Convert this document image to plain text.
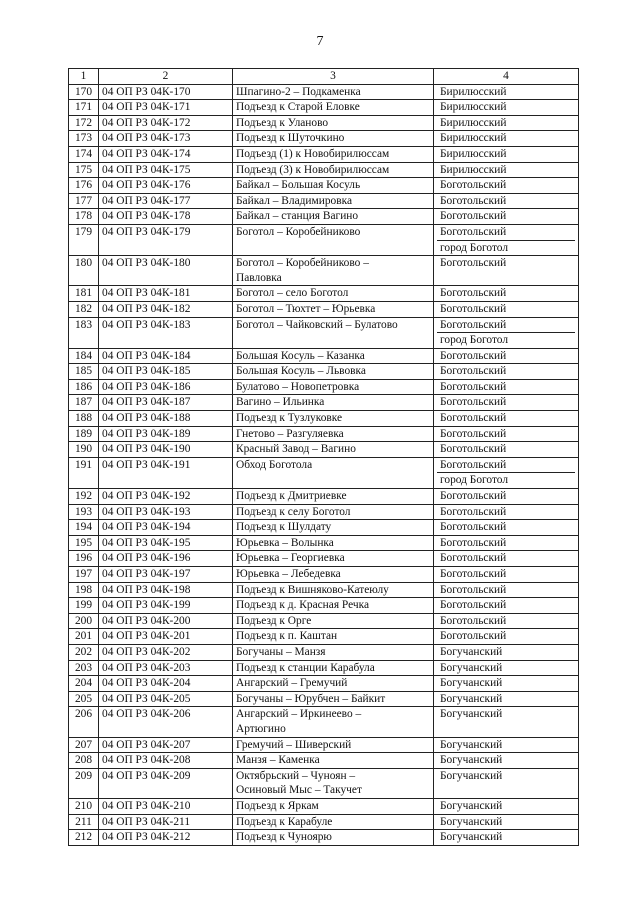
7
1	2	3	4
170	04 ОП РЗ 04К-170	Шпагино-2 – Подкаменка	Бирилюсский

171	04 ОП РЗ 04К-171	Подъезд к Старой Еловке	Бирилюсский

172	04 ОП РЗ 04К-172	Подъезд к Уланово	Бирилюсский

173	04 ОП РЗ 04К-173	Подъезд к Шуточкино	Бирилюсский

174	04 ОП РЗ 04К-174	Подъезд (1) к Новобирилюссам	Бирилюсский

175	04 ОП РЗ 04К-175	Подъезд (3) к Новобирилюссам	Бирилюсский

176	04 ОП РЗ 04К-176	Байкал – Большая Косуль	Боготольский

177	04 ОП РЗ 04К-177	Байкал – Владимировка	Боготольский

178	04 ОП РЗ 04К-178	Байкал – станция Вагино	Боготольский

179	04 ОП РЗ 04К-179	Боготол – Коробейниково	Боготольский
город Боготол

180	04 ОП РЗ 04К-180	Боготол – Коробейниково –
Павловка	Боготольский

181	04 ОП РЗ 04К-181	Боготол – село Боготол	Боготольский

182	04 ОП РЗ 04К-182	Боготол – Тюхтет – Юрьевка	Боготольский

183	04 ОП РЗ 04К-183	Боготол – Чайковский – Булатово	Боготольский
город Боготол

184	04 ОП РЗ 04К-184	Большая Косуль – Казанка	Боготольский

185	04 ОП РЗ 04К-185	Большая Косуль – Львовка	Боготольский

186	04 ОП РЗ 04К-186	Булатово – Новопетровка	Боготольский

187	04 ОП РЗ 04К-187	Вагино – Ильинка	Боготольский

188	04 ОП РЗ 04К-188	Подъезд к Тузлуковке	Боготольский

189	04 ОП РЗ 04К-189	Гнетово – Разгуляевка	Боготольский

190	04 ОП РЗ 04К-190	Красный Завод – Вагино	Боготольский

191	04 ОП РЗ 04К-191	Обход Боготола	Боготольский
город Боготол

192	04 ОП РЗ 04К-192	Подъезд к Дмитриевке	Боготольский

193	04 ОП РЗ 04К-193	Подъезд к селу Боготол	Боготольский

194	04 ОП РЗ 04К-194	Подъезд к Шулдату	Боготольский

195	04 ОП РЗ 04К-195	Юрьевка – Волынка	Боготольский

196	04 ОП РЗ 04К-196	Юрьевка – Георгиевка	Боготольский

197	04 ОП РЗ 04К-197	Юрьевка – Лебедевка	Боготольский

198	04 ОП РЗ 04К-198	Подъезд к Вишняково-Катеюлу	Боготольский

199	04 ОП РЗ 04К-199	Подъезд к д. Красная Речка	Боготольский

200	04 ОП РЗ 04К-200	Подъезд к Орге	Боготольский

201	04 ОП РЗ 04К-201	Подъезд к п. Каштан	Боготольский

202	04 ОП РЗ 04К-202	Богучаны – Манзя	Богучанский

203	04 ОП РЗ 04К-203	Подъезд к станции Карабула	Богучанский

204	04 ОП РЗ 04К-204	Ангарский – Гремучий	Богучанский

205	04 ОП РЗ 04К-205	Богучаны – Юрубчен – Байкит	Богучанский

206	04 ОП РЗ 04К-206	Ангарский – Иркинеево –
Артюгино	Богучанский

207	04 ОП РЗ 04К-207	Гремучий – Шиверский	Богучанский

208	04 ОП РЗ 04К-208	Манзя – Каменка	Богучанский

209	04 ОП РЗ 04К-209	Октябрьский – Чуноян –
Осиновый Мыс – Такучет	Богучанский

210	04 ОП РЗ 04К-210	Подъезд к Яркам	Богучанский

211	04 ОП РЗ 04К-211	Подъезд к Карабуле	Богучанский

212	04 ОП РЗ 04К-212	Подъезд к Чуноярю	Богучанский
